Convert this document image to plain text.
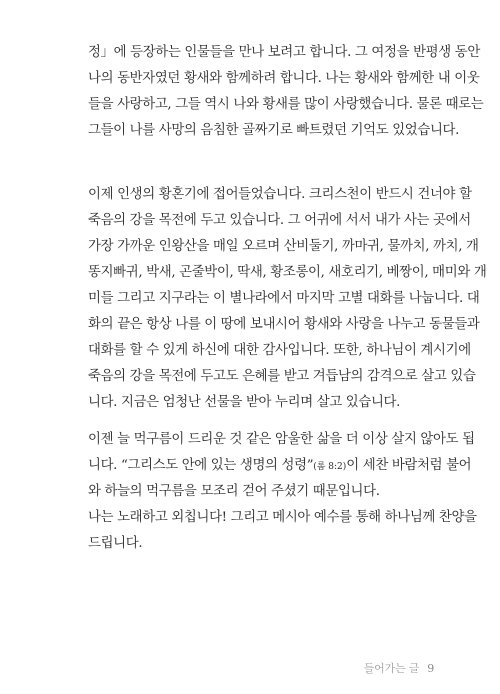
정」에 등장하는 인물들을 만나 보려고 합니다. 그 여정을 반평생 동안
나의 동반자였던 황새와 함께하려 합니다. 나는 황새와 함께한 내 이웃
들을 사랑하고, 그들 역시 나와 황새를 많이 사랑했습니다. 물론 때로는
그들이 나를 사망의 음침한 골짜기로 빠트렸던 기억도 있었습니다.
이제 인생의 황혼기에 접어들었습니다. 크리스천이 반드시 건너야 할
죽음의 강을 목전에 두고 있습니다. 그 어귀에 서서 내가 사는 곳에서
가장 가까운 인왕산을 매일 오르며 산비둘기, 까마귀, 물까치, 까치, 개
똥지빠귀, 박새, 곤줄박이, 딱새, 황조롱이, 새호리기, 베짱이, 매미와 개
미들 그리고 지구라는 이 별나라에서 마지막 고별 대화를 나눕니다. 대
화의 끝은 항상 나를 이 땅에 보내시어 황새와 사랑을 나누고 동물들과
대화를 할 수 있게 하신에 대한 감사입니다. 또한, 하나님이 계시기에
죽음의 강을 목전에 두고도 은혜를 받고 겨듭남의 감격으로 살고 있습
니다. 지금은 엄청난 선물을 받아 누리며 살고 있습니다.
이젠 늘 먹구름이 드리운 것 같은 암울한 삶을 더 이상 살지 않아도 됩
니다. “그리스도 안에 있는 생명의 성령”(롬 8:2)이 세찬 바람처럼 불어
와 하늘의 먹구름을 모조리 걷어 주셨기 때문입니다.
나는 노래하고 외칩니다! 그리고 메시아 예수를 통해 하나님께 찬양을
드립니다.
들어가는 글 9
